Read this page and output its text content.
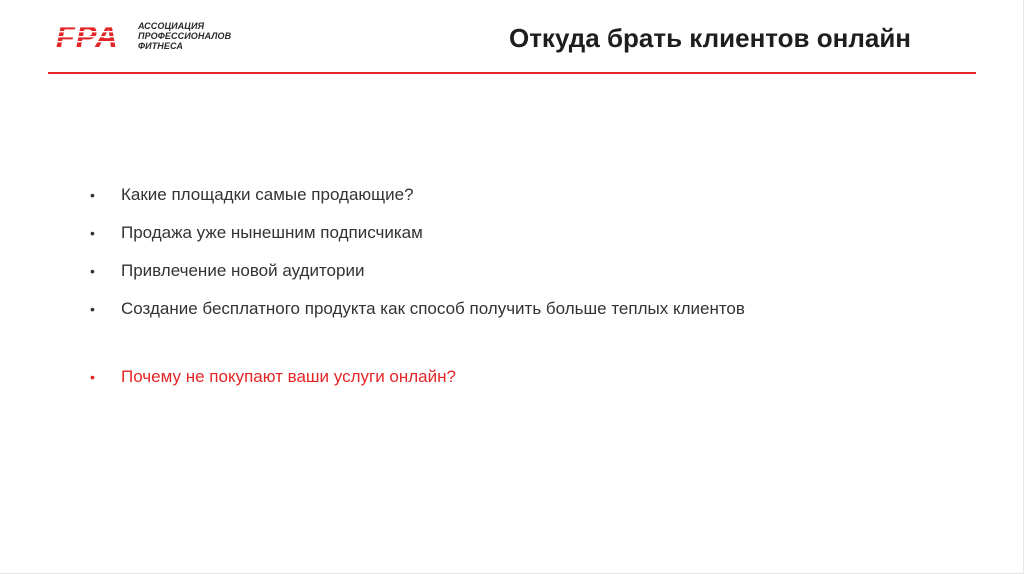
АССОЦИАЦИЯ
ПРОФЕССИОНАЛОВ
ФИТНЕСА	Откуда брать клиентов онлайн
• Какие площадки самые продающие?
• Продажа уже нынешним подписчикам
• Привлечение новой аудитории
• Создание бесплатного продукта как способ получить больше теплых клиентов
• Почему не покупают ваши услуги онлайн?
